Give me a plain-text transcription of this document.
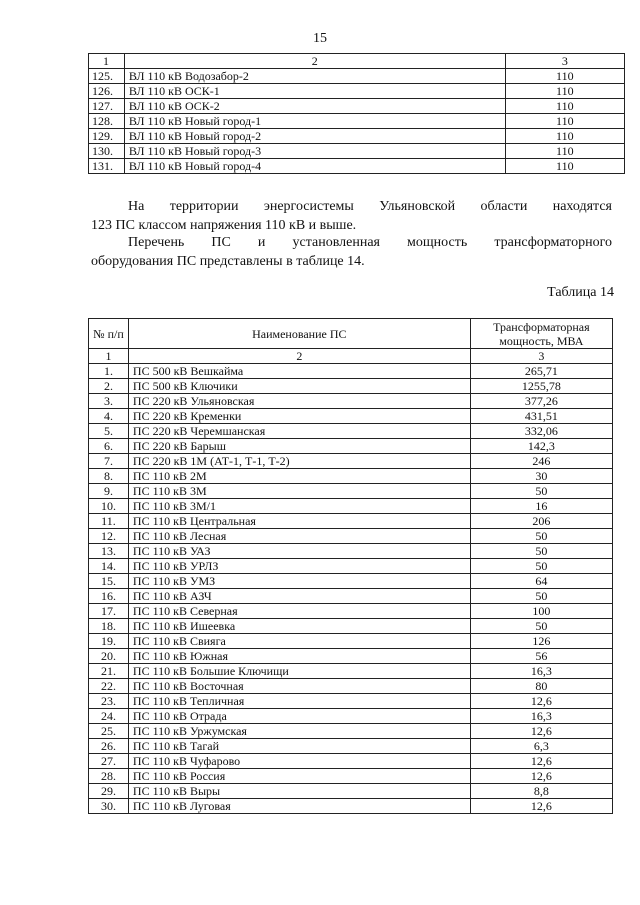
15
1	2	3
125.	ВЛ 110 кВ Водозабор-2	110
126.	ВЛ 110 кВ ОСК-1	110
127.	ВЛ 110 кВ ОСК-2	110
128.	ВЛ 110 кВ Новый город-1	110
129.	ВЛ 110 кВ Новый город-2	110
130.	ВЛ 110 кВ Новый город-3	110
131.	ВЛ 110 кВ Новый город-4	110
На территории энергосистемы Ульяновской области находятся
123 ПС классом напряжения 110 кВ и выше.
Перечень ПС и установленная мощность трансформаторного
оборудования ПС представлены в таблице 14.
Таблица 14
№ п/п	Наименование ПС	Трансформаторная мощность, МВА
1	2	3
1.	ПС 500 кВ Вешкайма	265,71
2.	ПС 500 кВ Ключики	1255,78
3.	ПС 220 кВ Ульяновская	377,26
4.	ПС 220 кВ Кременки	431,51
5.	ПС 220 кВ Черемшанская	332,06
6.	ПС 220 кВ Барыш	142,3
7.	ПС 220 кВ 1М (АТ-1, Т-1, Т-2)	246
8.	ПС 110 кВ 2М	30
9.	ПС 110 кВ 3М	50
10.	ПС 110 кВ 3М/1	16
11.	ПС 110 кВ Центральная	206
12.	ПС 110 кВ Лесная	50
13.	ПС 110 кВ УАЗ	50
14.	ПС 110 кВ УРЛЗ	50
15.	ПС 110 кВ УМЗ	64
16.	ПС 110 кВ АЗЧ	50
17.	ПС 110 кВ Северная	100
18.	ПС 110 кВ Ишеевка	50
19.	ПС 110 кВ Свияга	126
20.	ПС 110 кВ Южная	56
21.	ПС 110 кВ Большие Ключищи	16,3
22.	ПС 110 кВ Восточная	80
23.	ПС 110 кВ Тепличная	12,6
24.	ПС 110 кВ Отрада	16,3
25.	ПС 110 кВ Уржумская	12,6
26.	ПС 110 кВ Тагай	6,3
27.	ПС 110 кВ Чуфарово	12,6
28.	ПС 110 кВ Россия	12,6
29.	ПС 110 кВ Выры	8,8
30.	ПС 110 кВ Луговая	12,6
